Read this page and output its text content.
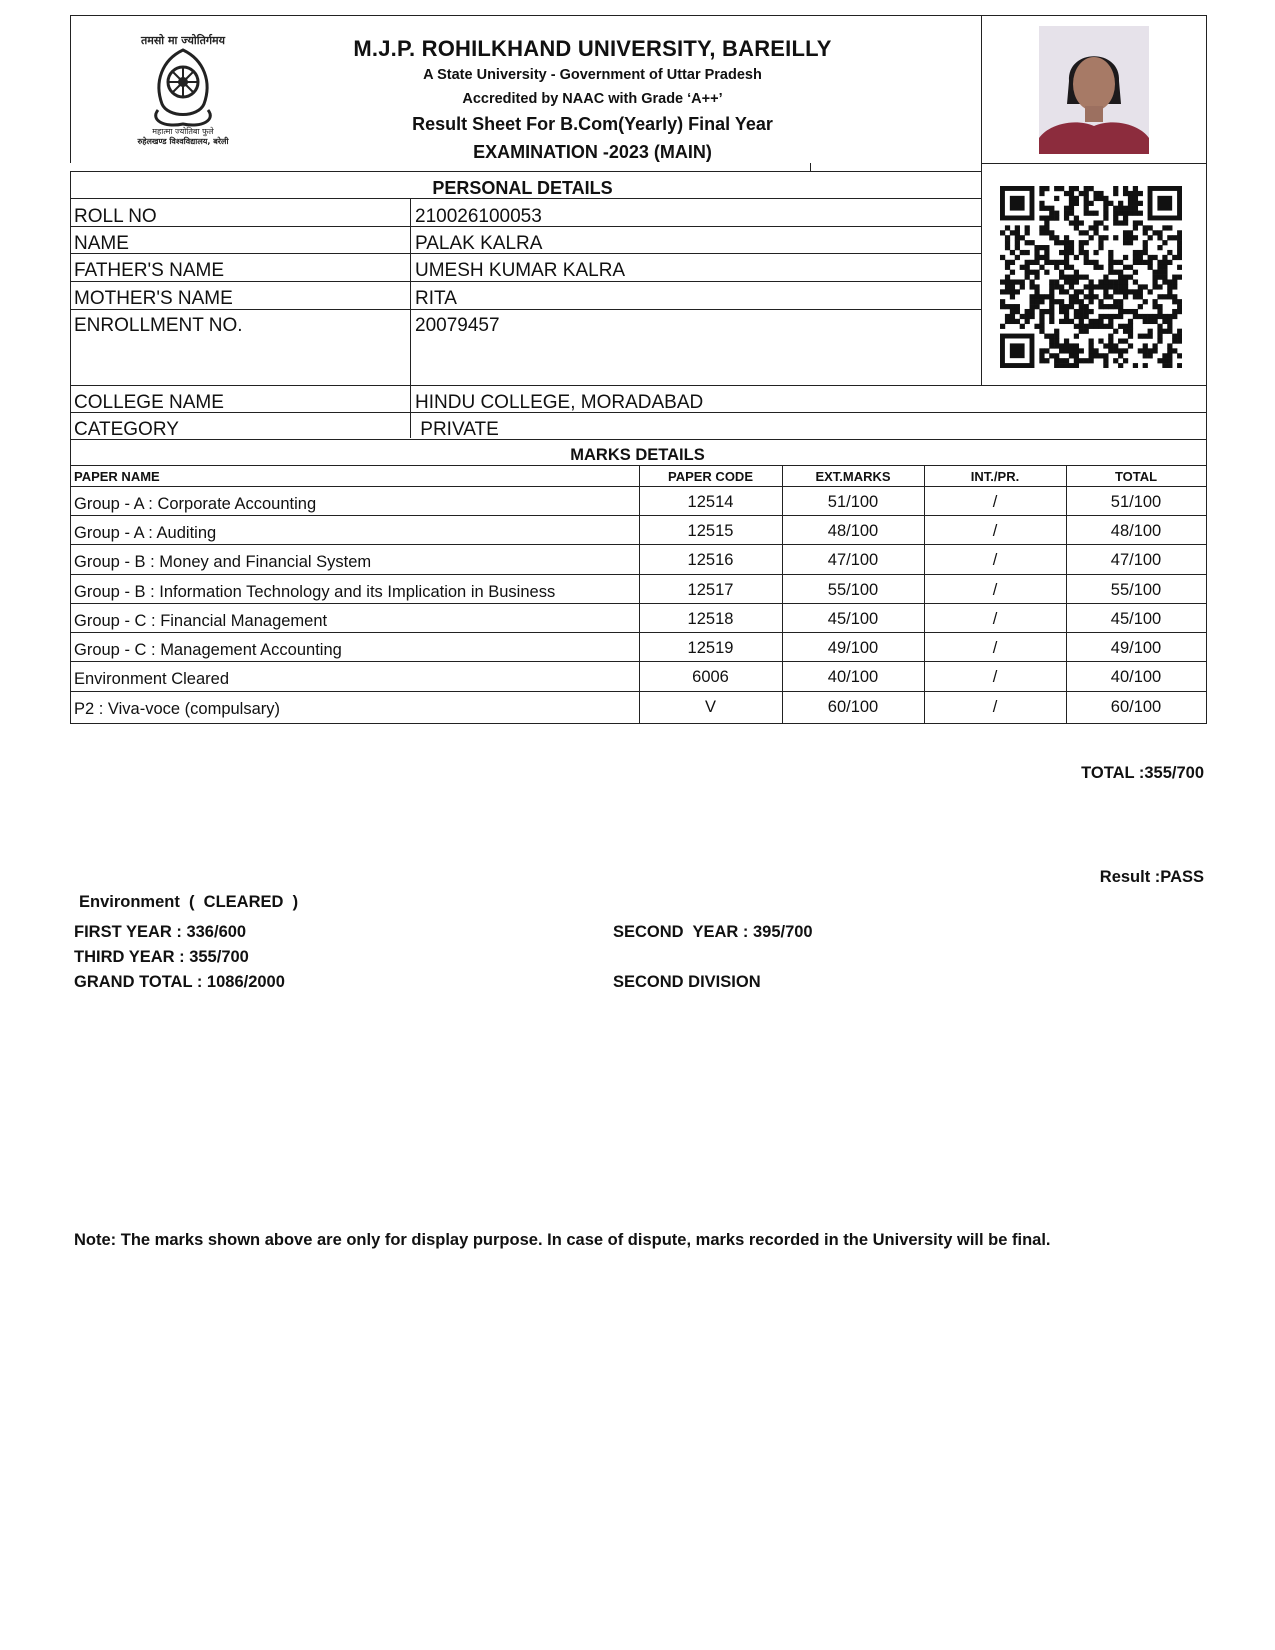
तमसो मा ज्योतिर्गमय
महात्मा ज्योतिबा फुले
रुहेलखण्ड विश्वविद्यालय, बरेली
M.J.P. ROHILKHAND UNIVERSITY, BAREILLY
A State University - Government of Uttar Pradesh
Accredited by NAAC with Grade ‘A++’
Result Sheet For B.Com(Yearly) Final Year
EXAMINATION -2023 (MAIN)
PERSONAL DETAILS
ROLL NO	210026100053
NAME	PALAK KALRA
FATHER'S NAME	UMESH KUMAR KALRA
MOTHER'S NAME	RITA
ENROLLMENT NO.	20079457
COLLEGE NAME	HINDU COLLEGE, MORADABAD
CATEGORY	PRIVATE
MARKS DETAILS
PAPER NAME	PAPER CODE	EXT.MARKS	INT./PR.	TOTAL
Group - A : Corporate Accounting	12514	51/100	/	51/100
Group - A : Auditing	12515	48/100	/	48/100
Group - B : Money and Financial System	12516	47/100	/	47/100
Group - B : Information Technology and its Implication in Business	12517	55/100	/	55/100
Group - C : Financial Management	12518	45/100	/	45/100
Group - C : Management Accounting	12519	49/100	/	49/100
Environment Cleared	6006	40/100	/	40/100
P2 : Viva-voce (compulsary)	V	60/100	/	60/100
TOTAL :355/700
Result :PASS
Environment  (  CLEARED  )
FIRST YEAR : 336/600	SECOND  YEAR : 395/700
THIRD YEAR : 355/700
GRAND TOTAL : 1086/2000	SECOND DIVISION
Note: The marks shown above are only for display purpose. In case of dispute, marks recorded in the University will be final.
